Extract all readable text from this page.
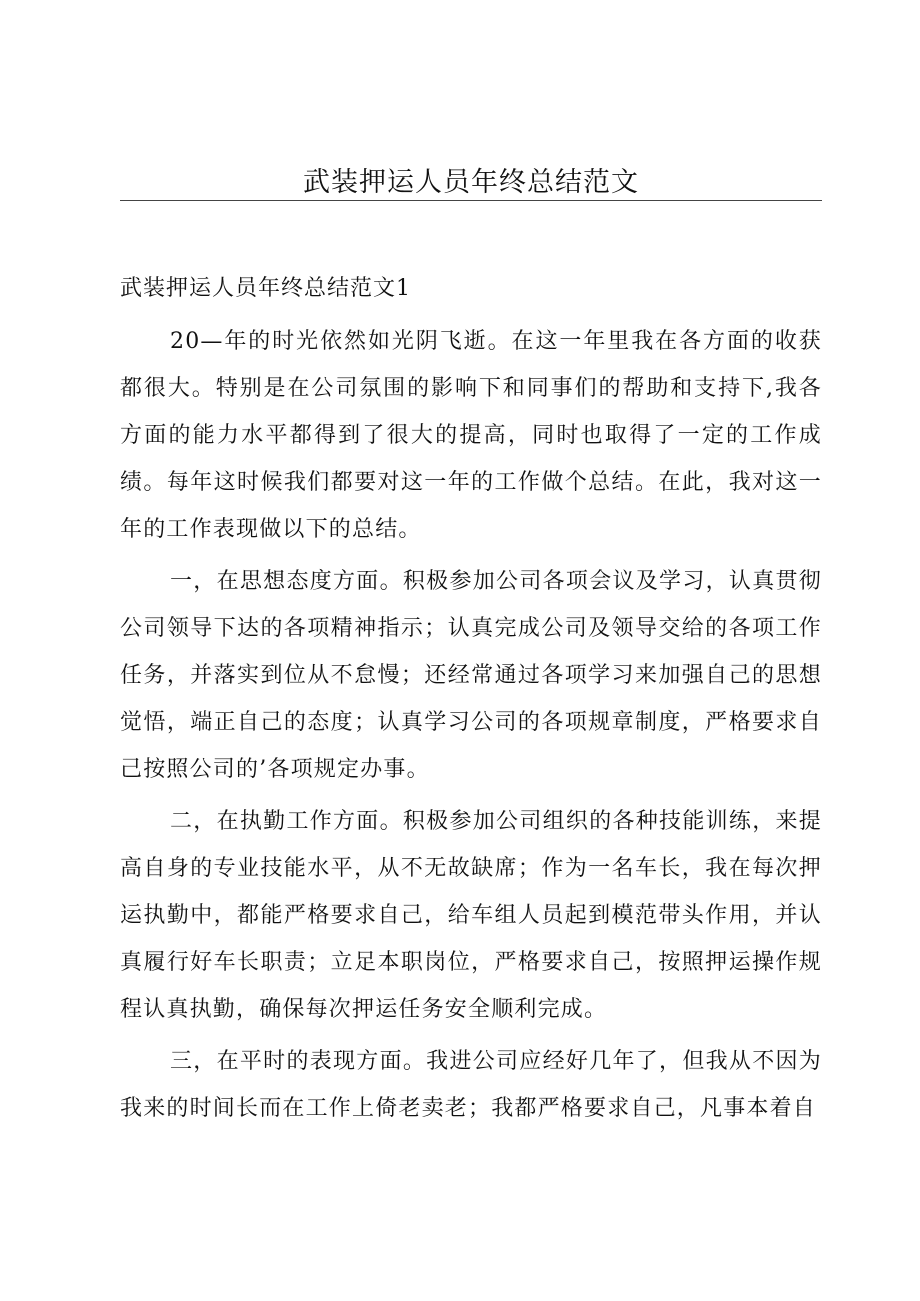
武装押运人员年终总结范文

武装押运人员年终总结范文1

20—年的时光依然如光阴飞逝。在这一年里我在各方面的收获都很大。特别是在公司氛围的影响下和同事们的帮助和支持下,我各方面的能力水平都得到了很大的提高，同时也取得了一定的工作成绩。每年这时候我们都要对这一年的工作做个总结。在此，我对这一年的工作表现做以下的总结。

一，在思想态度方面。积极参加公司各项会议及学习，认真贯彻公司领导下达的各项精神指示；认真完成公司及领导交给的各项工作任务，并落实到位从不怠慢；还经常通过各项学习来加强自己的思想觉悟，端正自己的态度；认真学习公司的各项规章制度，严格要求自己按照公司的’各项规定办事。

二，在执勤工作方面。积极参加公司组织的各种技能训练，来提高自身的专业技能水平，从不无故缺席；作为一名车长，我在每次押运执勤中，都能严格要求自己，给车组人员起到模范带头作用，并认真履行好车长职责；立足本职岗位，严格要求自己，按照押运操作规程认真执勤，确保每次押运任务安全顺利完成。

三，在平时的表现方面。我进公司应经好几年了，但我从不因为我来的时间长而在工作上倚老卖老；我都严格要求自己，凡事本着自
